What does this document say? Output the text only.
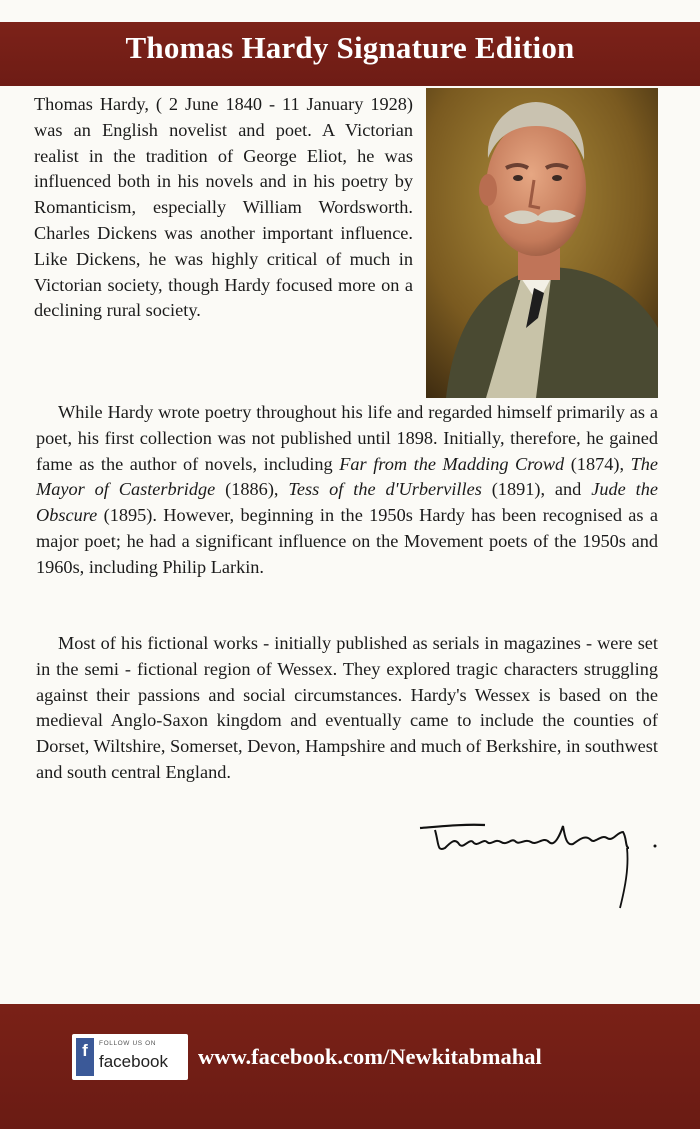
Thomas Hardy Signature Edition
Thomas Hardy, ( 2 June 1840 - 11 January 1928) was an English novelist and poet. A Victorian realist in the tradition of George Eliot, he was influenced both in his novels and in his poetry by Romanticism, especially William Wordsworth. Charles Dickens was another important influence. Like Dickens, he was highly critical of much in Victorian society, though Hardy focused more on a declining rural society.
While Hardy wrote poetry throughout his life and regarded himself primarily as a poet, his first collection was not published until 1898. Initially, therefore, he gained fame as the author of novels, including Far from the Madding Crowd (1874), The Mayor of Casterbridge (1886), Tess of the d'Urbervilles (1891), and Jude the Obscure (1895). However, beginning in the 1950s Hardy has been recognised as a major poet; he had a significant influence on the Movement poets of the 1950s and 1960s, including Philip Larkin.
Most of his fictional works - initially published as serials in magazines - were set in the semi - fictional region of Wessex. They explored tragic characters struggling against their passions and social circumstances. Hardy's Wessex is based on the medieval Anglo-Saxon kingdom and eventually came to include the counties of Dorset, Wiltshire, Somerset, Devon, Hampshire and much of Berkshire, in southwest and south central England.
f	FOLLOW US ON
facebook www.facebook.com/Newkitabmahal
